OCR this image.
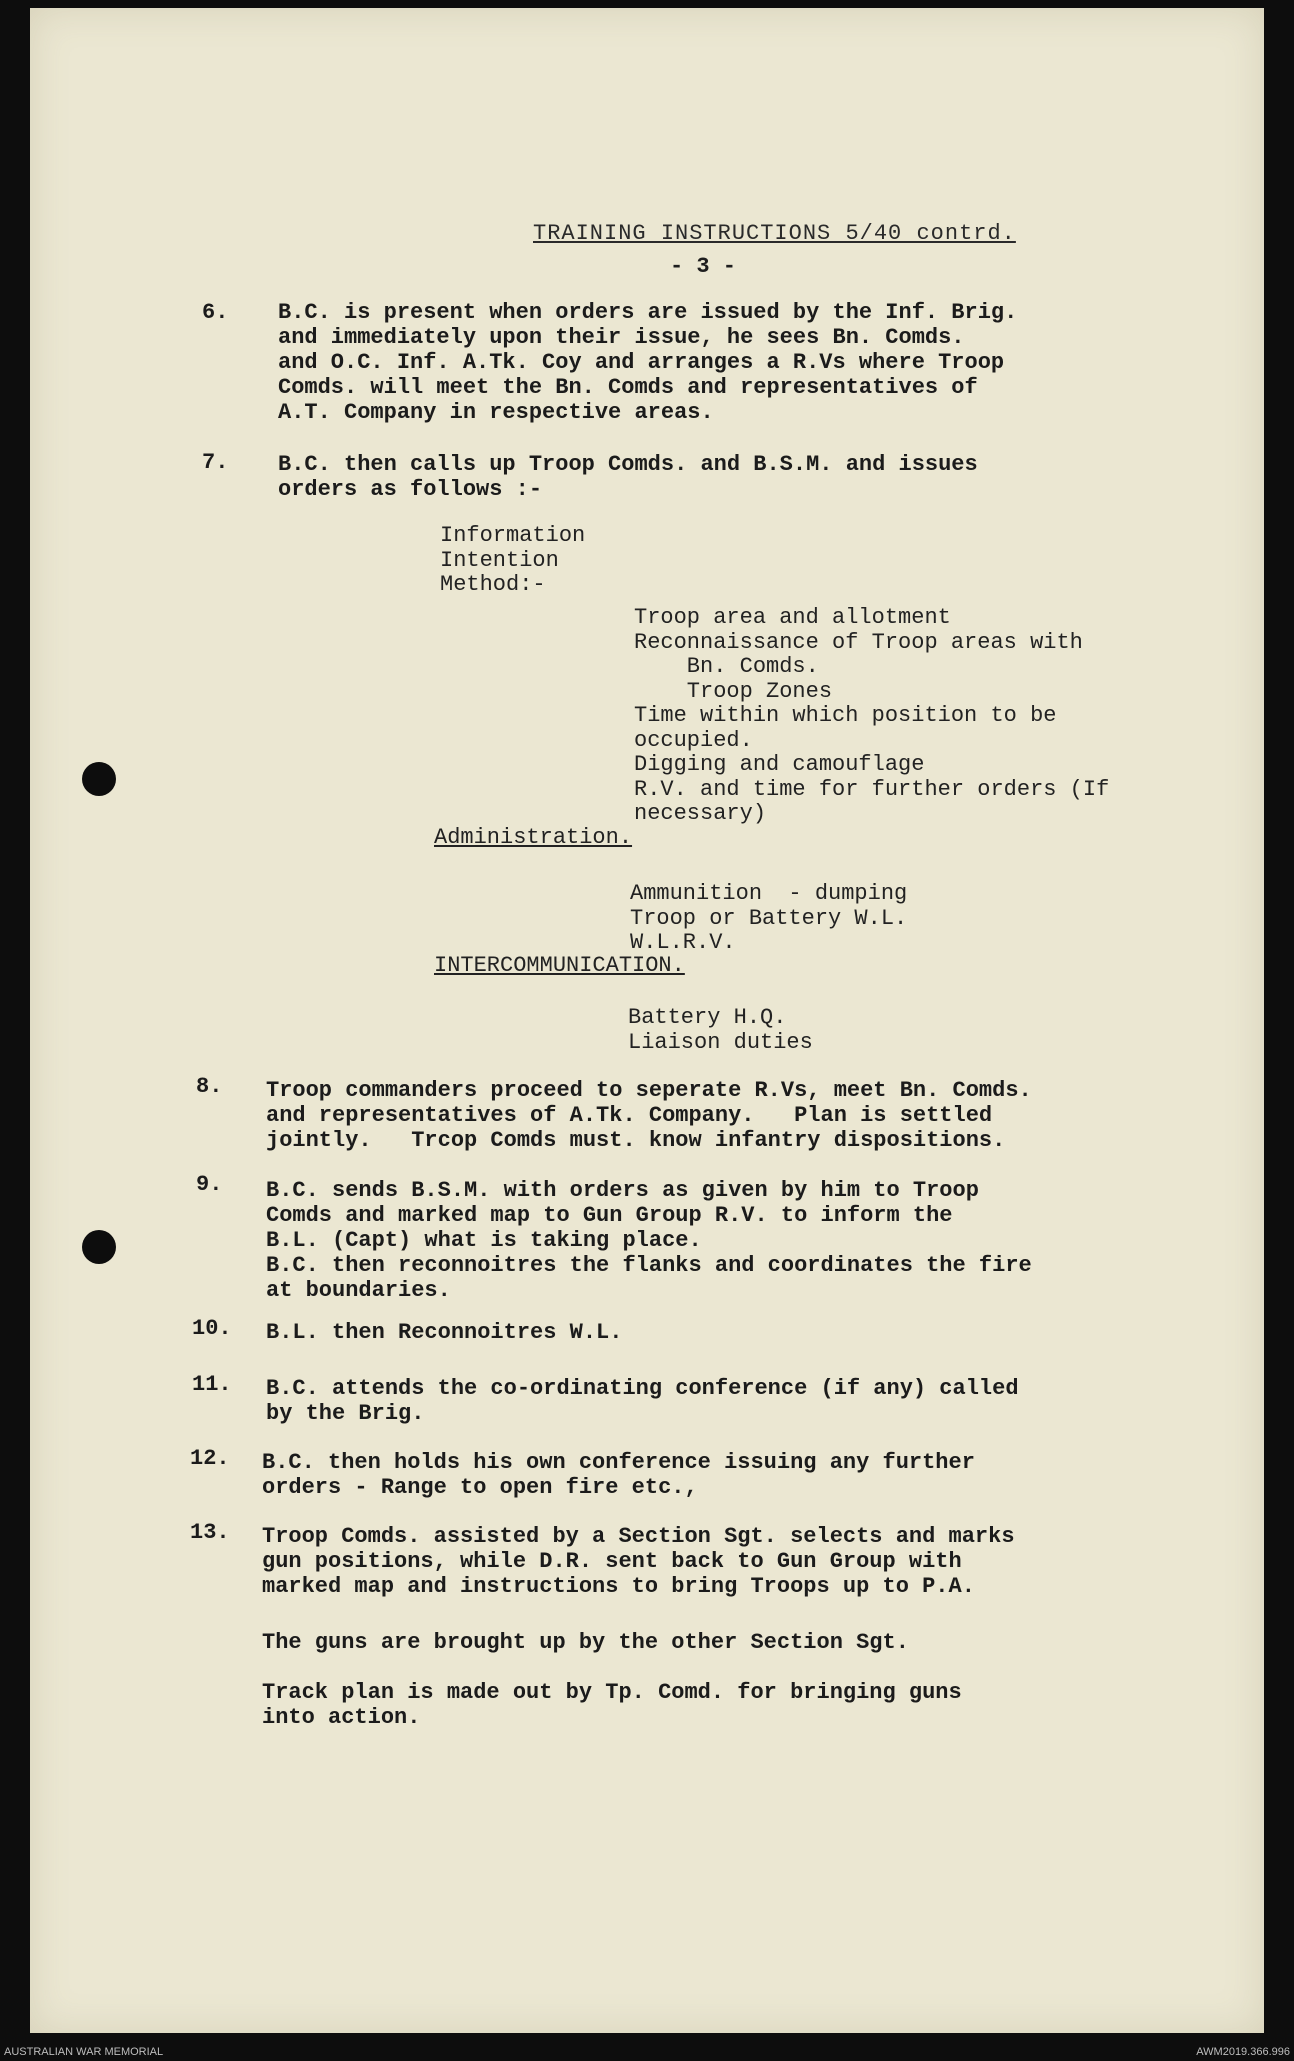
TRAINING INSTRUCTIONS 5/40 contrd.
- 3 -
6. B.C. is present when orders are issued by the Inf. Brig.
and immediately upon their issue, he sees Bn. Comds.
and O.C. Inf. A.Tk. Coy and arranges a R.Vs where Troop
Comds. will meet the Bn. Comds and representatives of
A.T. Company in respective areas.
7. B.C. then calls up Troop Comds. and B.S.M. and issues
orders as follows :-
Information
Intention
Method:-
Troop area and allotment
Reconnaissance of Troop areas with
Bn. Comds.
Troop Zones
Time within which position to be
occupied.
Digging and camouflage
R.V. and time for further orders (If
necessary)
Administration.
Ammunition  - dumping
Troop or Battery W.L.
W.L.R.V.
INTERCOMMUNICATION.
Battery H.Q.
Liaison duties
8. Troop commanders proceed to seperate R.Vs, meet Bn. Comds.
and representatives of A.Tk. Company.   Plan is settled
jointly.   Trcop Comds must. know infantry dispositions.
9. B.C. sends B.S.M. with orders as given by him to Troop
Comds and marked map to Gun Group R.V. to inform the
B.L. (Capt) what is taking place.
B.C. then reconnoitres the flanks and coordinates the fire
at boundaries.
10. B.L. then Reconnoitres W.L.
11. B.C. attends the co-ordinating conference (if any) called
by the Brig.
12. B.C. then holds his own conference issuing any further
orders - Range to open fire etc.,
13. Troop Comds. assisted by a Section Sgt. selects and marks
gun positions, while D.R. sent back to Gun Group with
marked map and instructions to bring Troops up to P.A.
The guns are brought up by the other Section Sgt.
Track plan is made out by Tp. Comd. for bringing guns
into action.
AUSTRALIAN WAR MEMORIAL	AWM2019.366.996
